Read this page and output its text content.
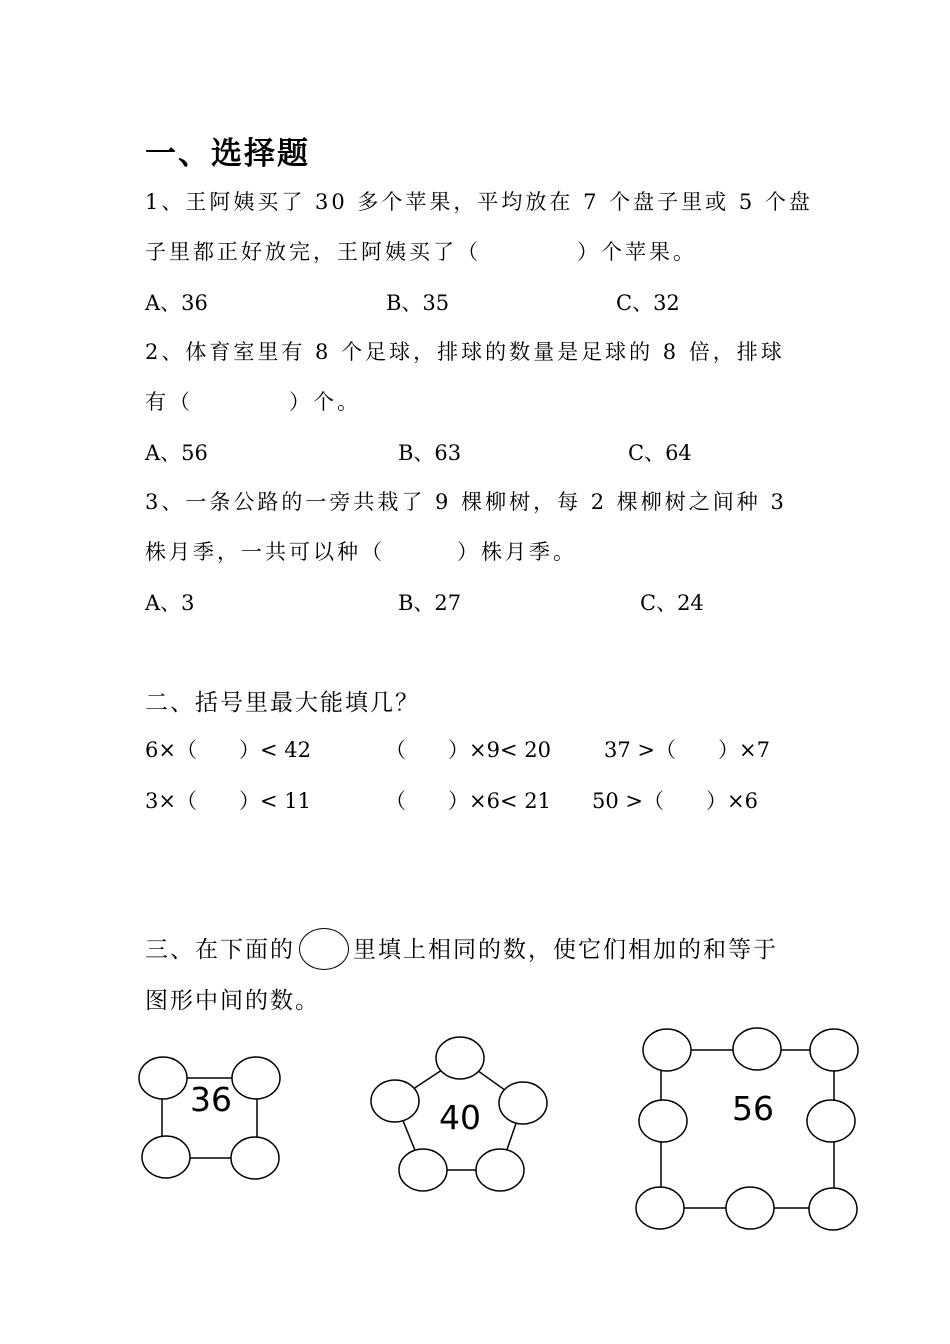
一、选择题
1、王阿姨买了 30 多个苹果，平均放在 7 个盘子里或 5 个盘
子里都正好放完，王阿姨买了（　　　　）个苹果。
A、36	B、35	C、32
2、体育室里有 8 个足球，排球的数量是足球的 8 倍，排球
有（　　　　）个。
A、56	B、63	C、64
3、一条公路的一旁共栽了 9 棵柳树，每 2 棵柳树之间种 3
株月季，一共可以种（　　　）株月季。
A、3	B、27	C、24
二、括号里最大能填几？
6×（　　）< 42	（　　）×9< 20	37 >（　　）×7
3×（　　）< 11	（　　）×6< 21 50 >（　　）×6
三、在下面的	里填上相同的数，使它们相加的和等于
图形中间的数。
36	40	56
